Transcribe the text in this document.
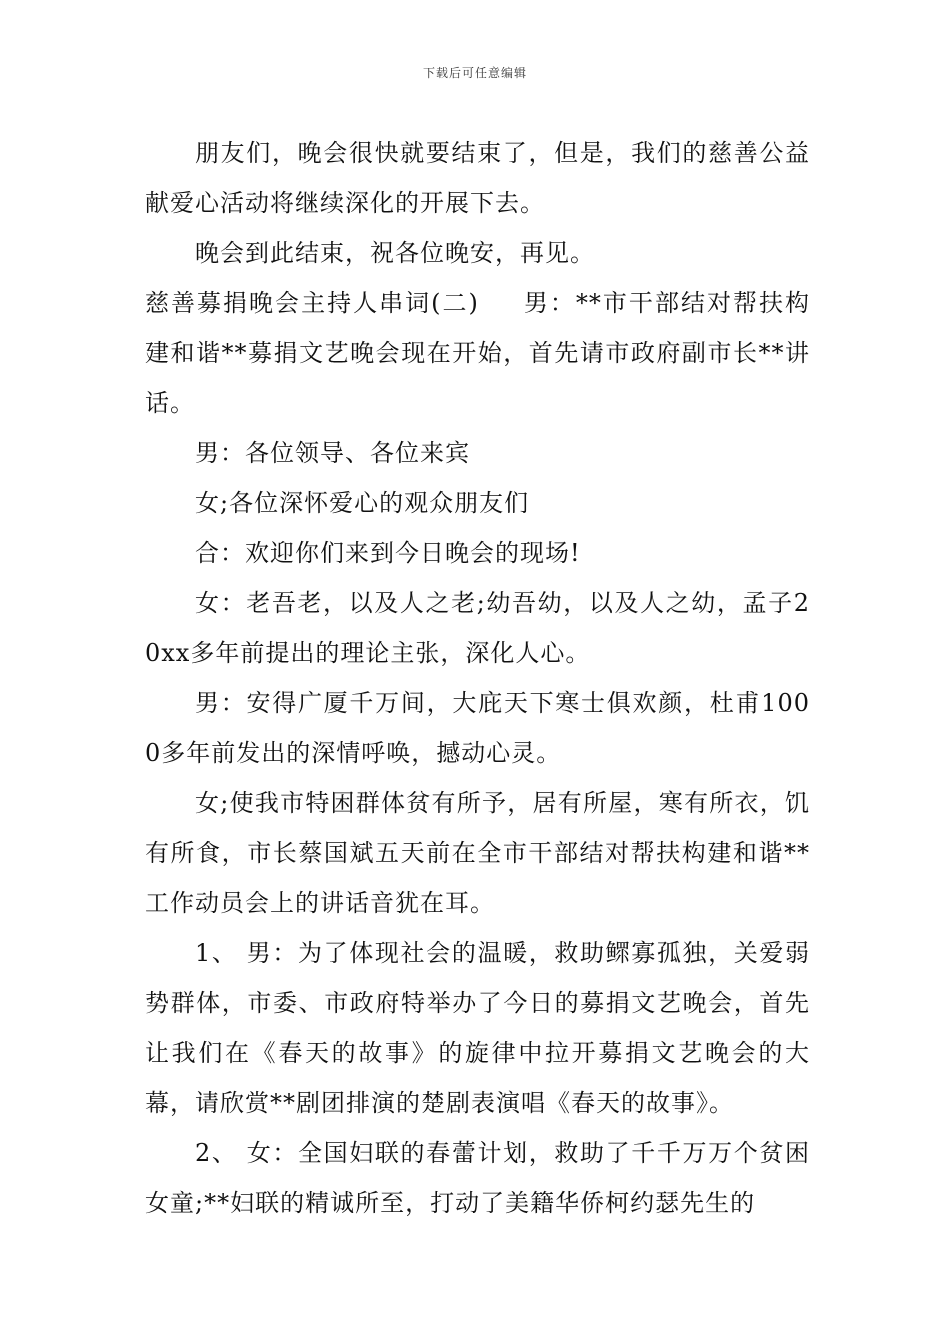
下载后可任意编辑

朋友们，晚会很快就要结束了，但是，我们的慈善公益献爱心活动将继续深化的开展下去。

晚会到此结束，祝各位晚安，再见。

慈善募捐晚会主持人串词(二) 男：**市干部结对帮扶构建和谐**募捐文艺晚会现在开始，首先请市政府副市长**讲话。

男：各位领导、各位来宾

女;各位深怀爱心的观众朋友们

合：欢迎你们来到今日晚会的现场!

女：老吾老，以及人之老;幼吾幼，以及人之幼，孟子20xx多年前提出的理论主张，深化人心。

男：安得广厦千万间，大庇天下寒士俱欢颜，杜甫1000多年前发出的深情呼唤，撼动心灵。

女;使我市特困群体贫有所予，居有所屋，寒有所衣，饥有所食，市长蔡国斌五天前在全市干部结对帮扶构建和谐**工作动员会上的讲话音犹在耳。

1、 男：为了体现社会的温暖，救助鳏寡孤独，关爱弱势群体，市委、市政府特举办了今日的募捐文艺晚会，首先让我们在《春天的故事》的旋律中拉开募捐文艺晚会的大幕，请欣赏**剧团排演的楚剧表演唱《春天的故事》。

2、 女：全国妇联的春蕾计划，救助了千千万万个贫困女童;**妇联的精诚所至，打动了美籍华侨柯约瑟先生的
